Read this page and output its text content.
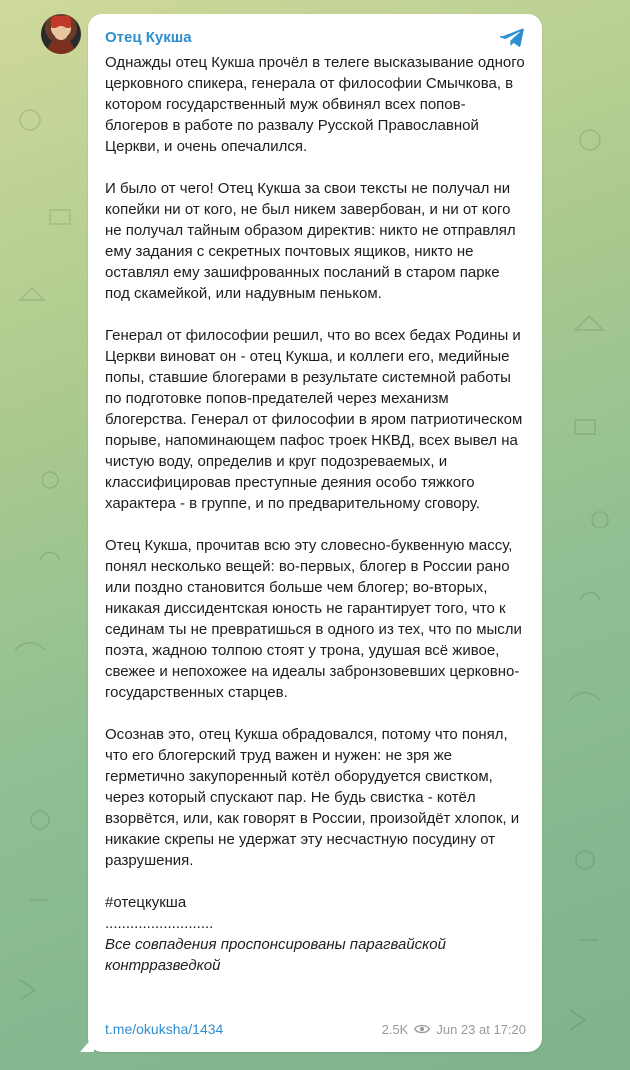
Отец Кукша

Однажды отец Кукша прочёл в телеге высказывание одного церковного спикера, генерала от философии Смычкова, в котором государственный муж обвинял всех попов-блогеров в работе по развалу Русской Православной Церкви, и очень опечалился.

И было от чего! Отец Кукша за свои тексты не получал ни копейки ни от кого, не был никем завербован, и ни от кого не получал тайным образом директив: никто не отправлял ему задания с секретных почтовых ящиков, никто не оставлял ему зашифрованных посланий в старом парке под скамейкой, или надувным пеньком.

Генерал от философии решил, что во всех бедах Родины и Церкви виноват он - отец Кукша, и коллеги его, медийные попы, ставшие блогерами в результате системной работы по подготовке попов-предателей через механизм блогерства. Генерал от философии в яром патриотическом порыве, напоминающем пафос троек НКВД, всех вывел на чистую воду, определив и круг подозреваемых, и классифицировав преступные деяния особо тяжкого характера - в группе, и по предварительному сговору.

Отец Кукша, прочитав всю эту словесно-буквенную массу, понял несколько вещей: во-первых, блогер в России рано или поздно становится больше чем блогер; во-вторых, никакая диссидентская юность не гарантирует того, что к сединам ты не превратишься в одного из тех, что по мысли поэта, жадною толпою стоят у трона, удушая всё живое, свежее и непохожее на идеалы забронзовевших церковно-государственных старцев.

Осознав это, отец Кукша обрадовался, потому что понял, что его блогерский труд важен и нужен: не зря же герметично закупоренный котёл оборудуется свистком, через который спускают пар. Не будь свистка - котёл взорвётся, или, как говорят в России, произойдёт хлопок, и никакие скрепы не удержат эту несчастную посудину от разрушения.

#отецкукша
..........................
Все совпадения проспонсированы парагвайской контрразведкой
t.me/okuksha/1434	2.5K Jun 23 at 17:20
